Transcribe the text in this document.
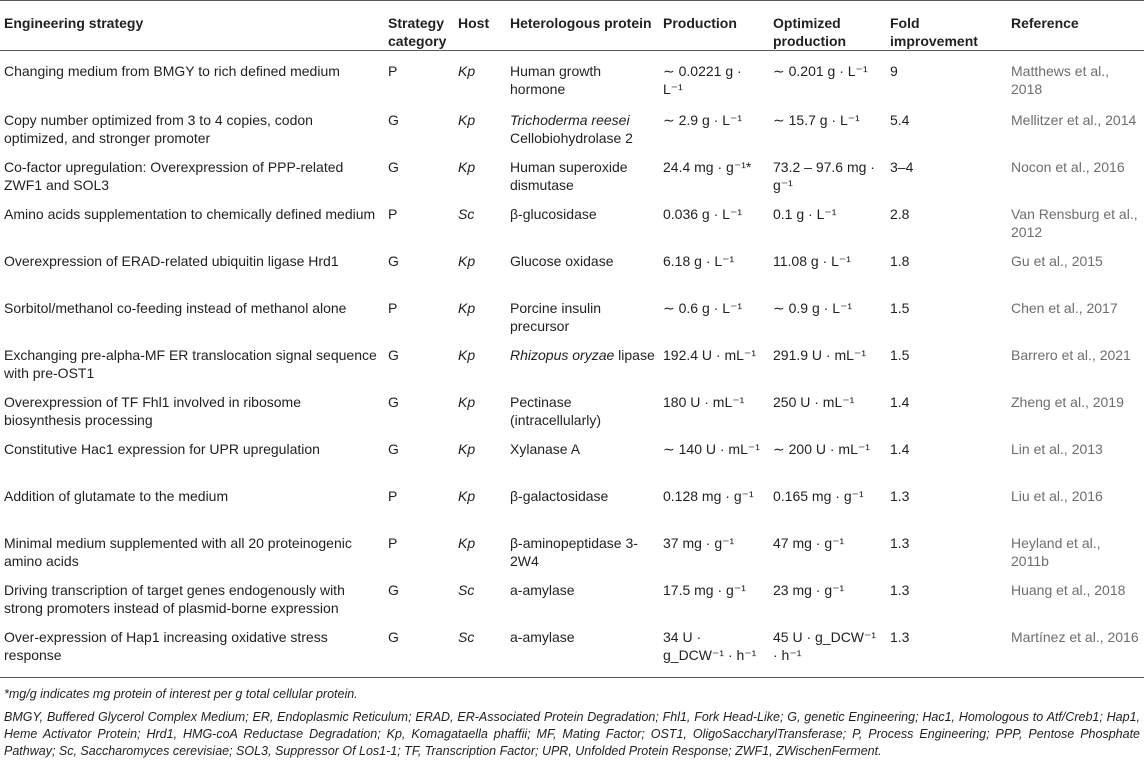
Engineering strategy	Strategy category	Host	Heterologous protein	Production	Optimized production	Fold improvement	Reference
Changing medium from BMGY to rich defined medium	P	Kp	Human growth hormone	∼ 0.0221 g · L⁻¹	∼ 0.201 g · L⁻¹	9	Matthews et al., 2018
Copy number optimized from 3 to 4 copies, codon optimized, and stronger promoter	G	Kp	Trichoderma reesei Cellobiohydrolase 2	∼ 2.9 g · L⁻¹	∼ 15.7 g · L⁻¹	5.4	Mellitzer et al., 2014
Co-factor upregulation: Overexpression of PPP-related ZWF1 and SOL3	G	Kp	Human superoxide dismutase	24.4 mg · g⁻¹*	73.2 – 97.6 mg · g⁻¹	3–4	Nocon et al., 2016
Amino acids supplementation to chemically defined medium	P	Sc	β-glucosidase	0.036 g · L⁻¹	0.1 g · L⁻¹	2.8	Van Rensburg et al., 2012
Overexpression of ERAD-related ubiquitin ligase Hrd1	G	Kp	Glucose oxidase	6.18 g · L⁻¹	11.08 g · L⁻¹	1.8	Gu et al., 2015
Sorbitol/methanol co-feeding instead of methanol alone	P	Kp	Porcine insulin precursor	∼ 0.6 g · L⁻¹	∼ 0.9 g · L⁻¹	1.5	Chen et al., 2017
Exchanging pre-alpha-MF ER translocation signal sequence with pre-OST1	G	Kp	Rhizopus oryzae lipase	192.4 U · mL⁻¹	291.9 U · mL⁻¹	1.5	Barrero et al., 2021
Overexpression of TF Fhl1 involved in ribosome biosynthesis processing	G	Kp	Pectinase (intracellularly)	180 U · mL⁻¹	250 U · mL⁻¹	1.4	Zheng et al., 2019
Constitutive Hac1 expression for UPR upregulation	G	Kp	Xylanase A	∼ 140 U · mL⁻¹	∼ 200 U · mL⁻¹	1.4	Lin et al., 2013
Addition of glutamate to the medium	P	Kp	β-galactosidase	0.128 mg · g⁻¹	0.165 mg · g⁻¹	1.3	Liu et al., 2016
Minimal medium supplemented with all 20 proteinogenic amino acids	P	Kp	β-aminopeptidase 3-2W4	37 mg · g⁻¹	47 mg · g⁻¹	1.3	Heyland et al., 2011b
Driving transcription of target genes endogenously with strong promoters instead of plasmid-borne expression	G	Sc	a-amylase	17.5 mg · g⁻¹	23 mg · g⁻¹	1.3	Huang et al., 2018
Over-expression of Hap1 increasing oxidative stress response	G	Sc	a-amylase	34 U · g_DCW⁻¹ · h⁻¹	45 U · g_DCW⁻¹ · h⁻¹	1.3	Martínez et al., 2016

*mg/g indicates mg protein of interest per g total cellular protein.

BMGY, Buffered Glycerol Complex Medium; ER, Endoplasmic Reticulum; ERAD, ER-Associated Protein Degradation; Fhl1, Fork Head-Like; G, genetic Engineering; Hac1, Homologous to Atf/Creb1; Hap1, Heme Activator Protein; Hrd1, HMG-coA Reductase Degradation; Kp, Komagataella phaffii; MF, Mating Factor; OST1, OligoSaccharylTransferase; P, Process Engineering; PPP, Pentose Phosphate Pathway; Sc, Saccharomyces cerevisiae; SOL3, Suppressor Of Los1-1; TF, Transcription Factor; UPR, Unfolded Protein Response; ZWF1, ZWischenFerment.
